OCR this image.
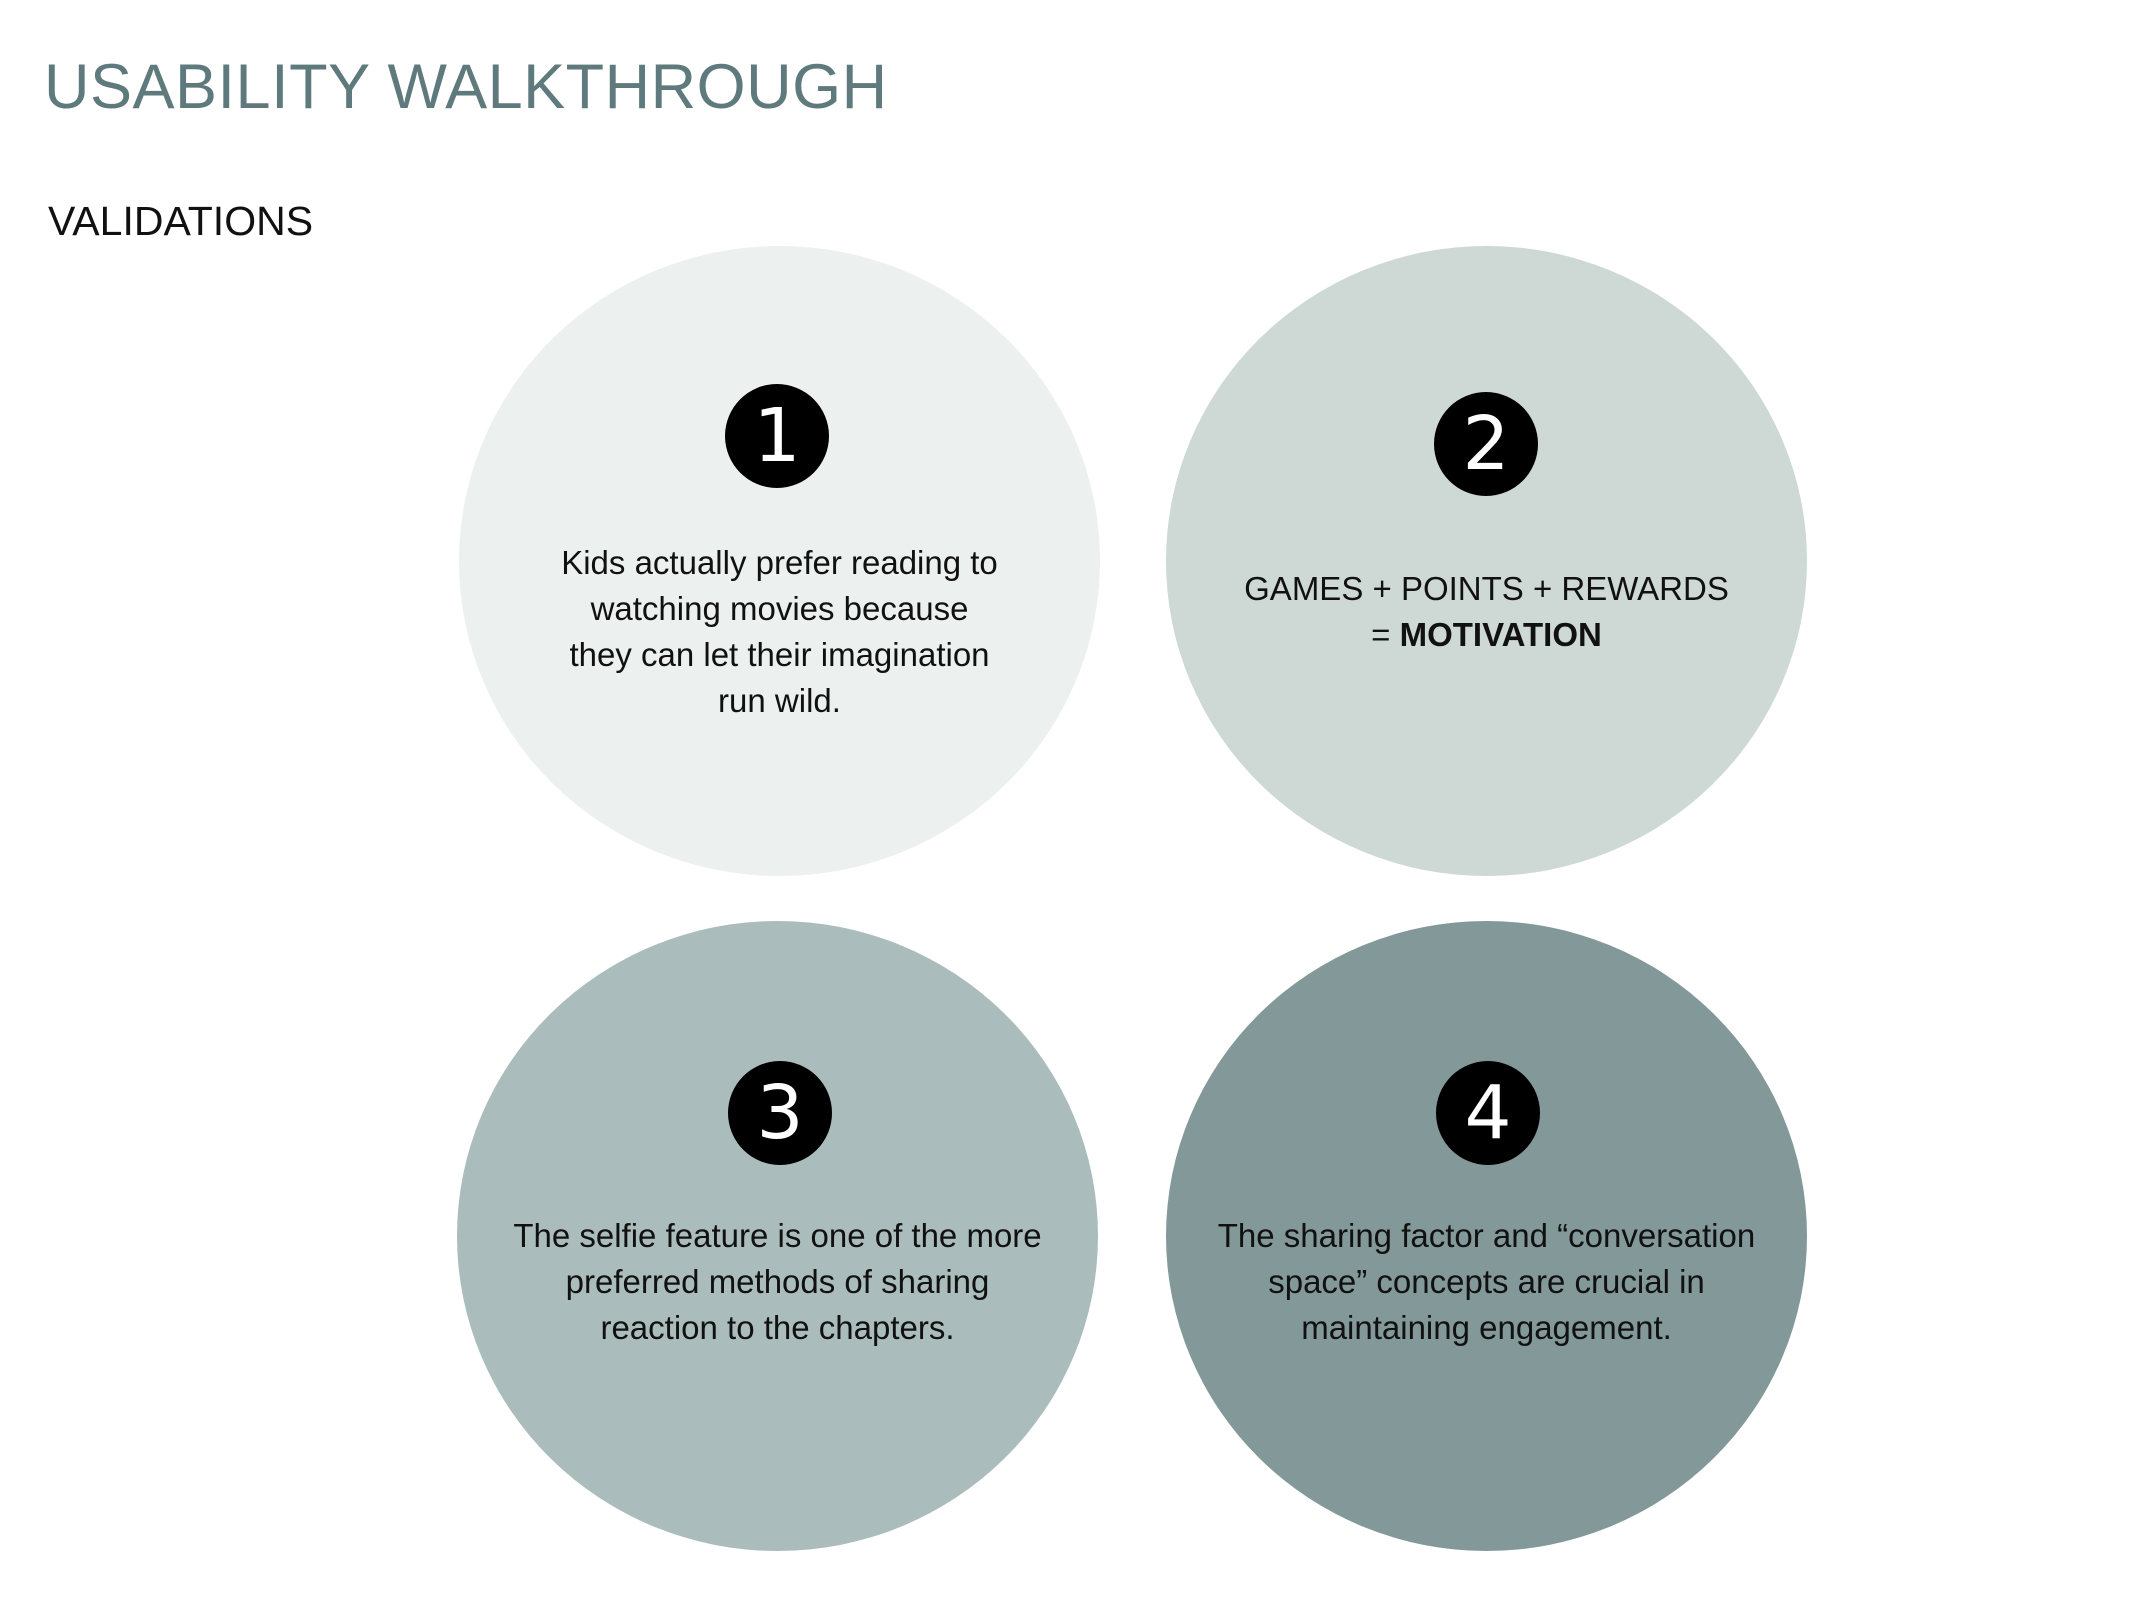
USABILITY WALKTHROUGH
VALIDATIONS
1
Kids actually prefer reading to
watching movies because
they can let their imagination
run wild.
2
GAMES + POINTS + REWARDS
= MOTIVATION
3
The selfie feature is one of the more
preferred methods of sharing
reaction to the chapters.
4
The sharing factor and “conversation
space” concepts are crucial in
maintaining engagement.
